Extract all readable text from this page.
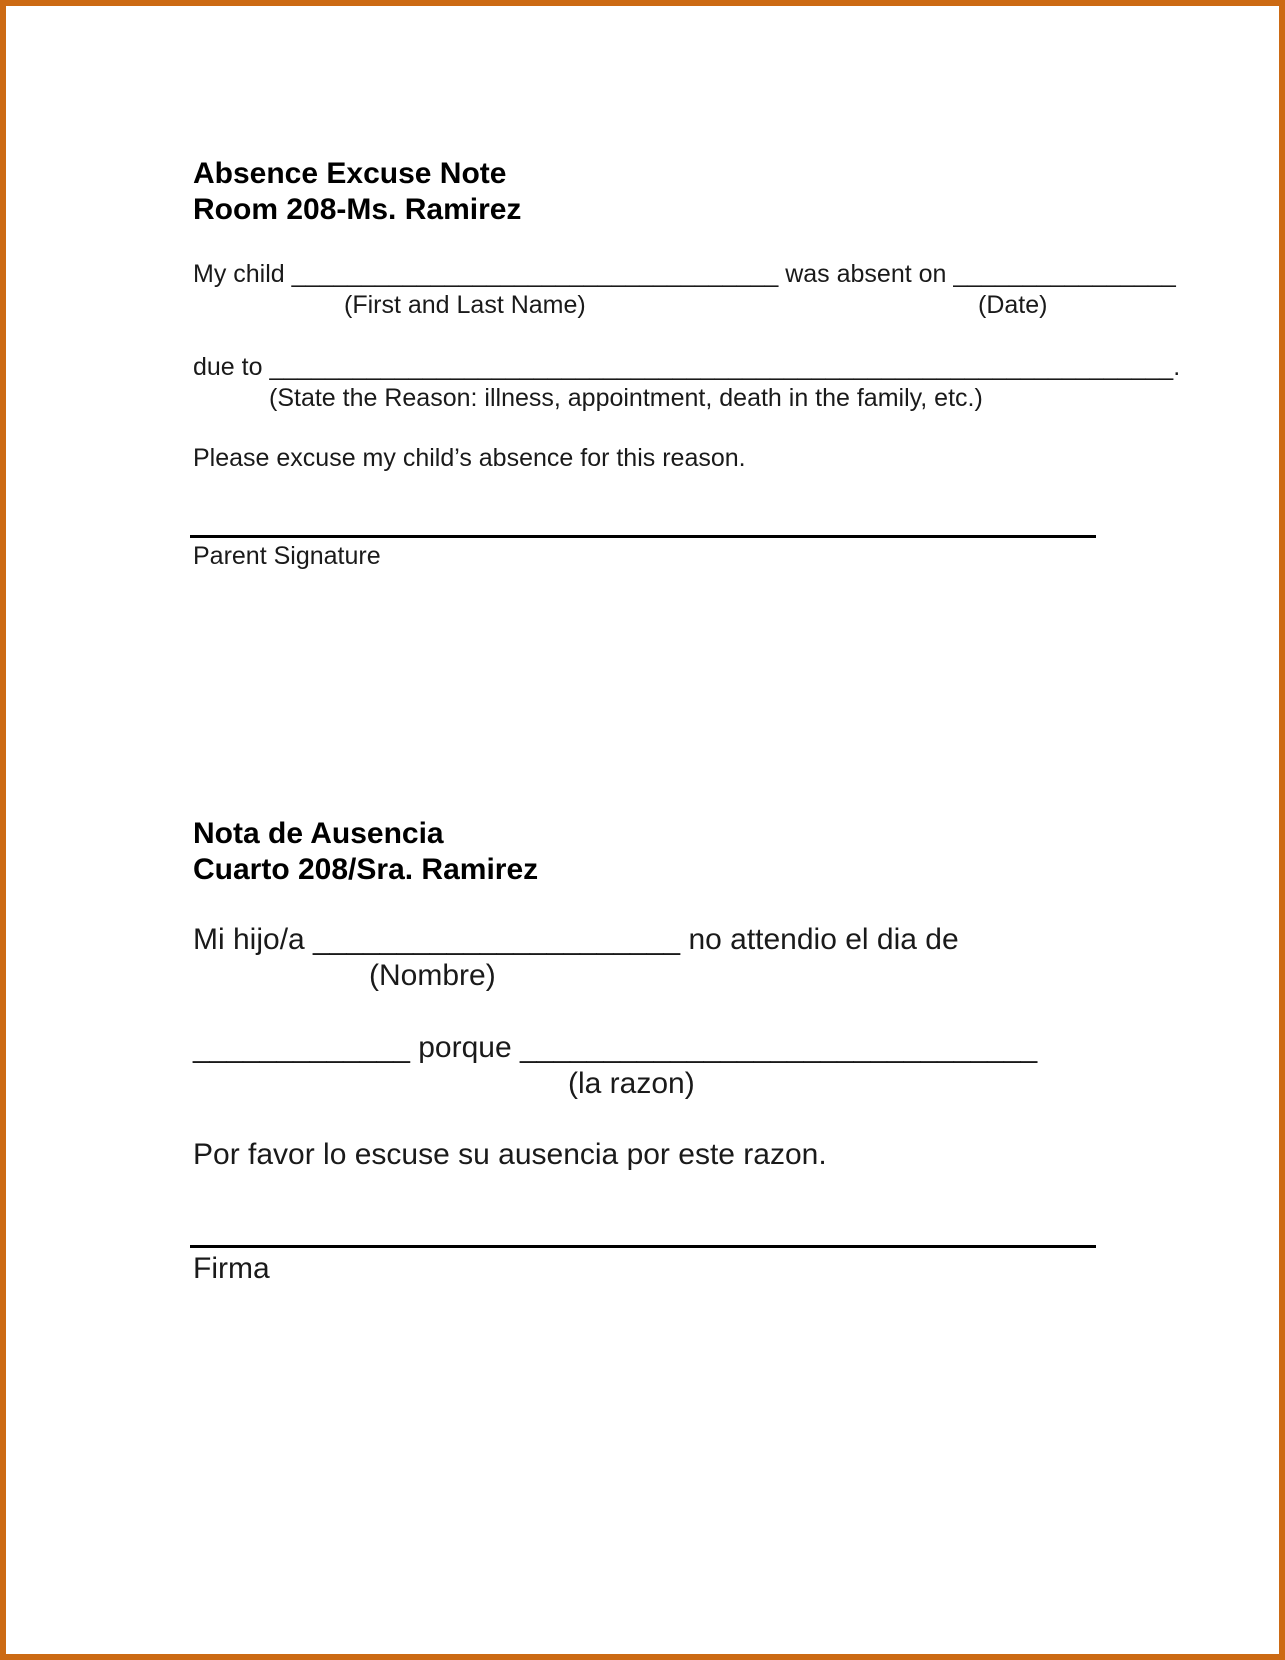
Absence Excuse Note
Room 208-Ms. Ramirez
My child ___________________________________ was absent on ________________
(First and Last Name)	(Date)
due to _________________________________________________________________.
(State the Reason: illness, appointment, death in the family, etc.)
Please excuse my child’s absence for this reason.
Parent Signature
Nota de Ausencia
Cuarto 208/Sra. Ramirez
Mi hijo/a ______________________ no attendio el dia de
(Nombre)
_____________ porque _______________________________
(la razon)
Por favor lo escuse su ausencia por este razon.
Firma
